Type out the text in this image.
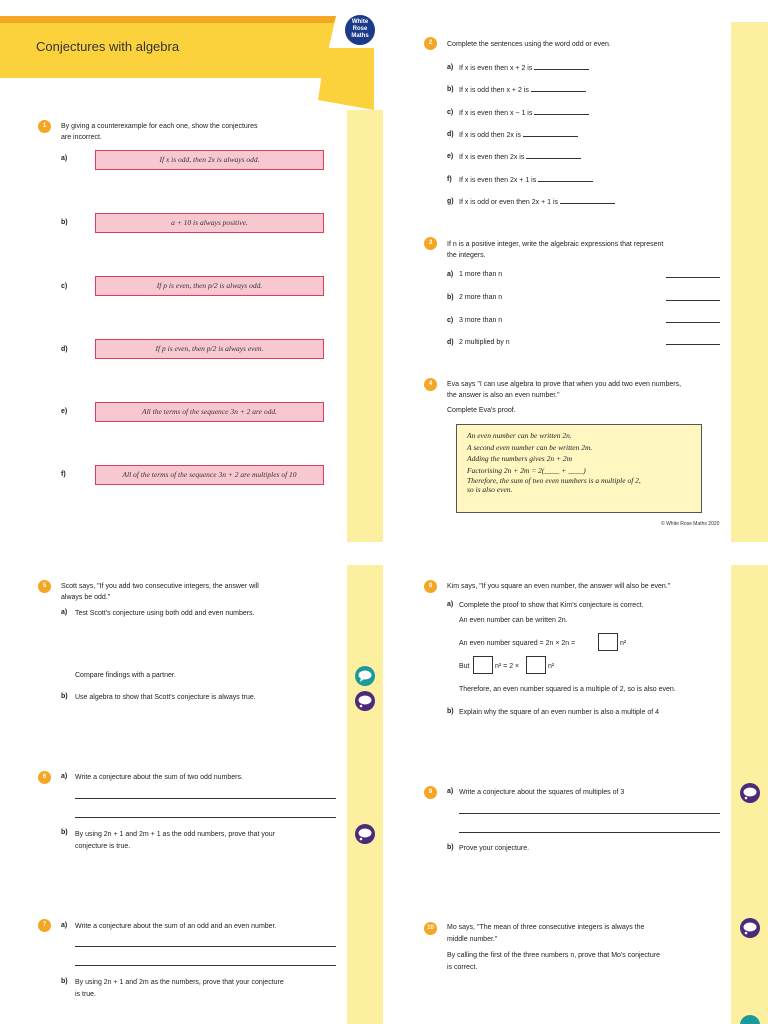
Conjectures with algebra
White
Rose
Maths
1	By giving a counterexample for each one, show the conjectures
are incorrect.
a)	If x is odd, then 2x is always odd.
b)	a + 10 is always positive.
c)	If p is even, then p/2 is always odd.
d)	If p is even, then p/2 is always even.
e)	All the terms of the sequence 3n + 2 are odd.
f)	All of the terms of the sequence 3n + 2 are multiples of 10
2	Complete the sentences using the word odd or even.
a) If x is even then x + 2 is
b) If x is odd then x + 2 is
c) If x is even then x − 1 is
d) If x is odd then 2x is
e) If x is even then 2x is
f) If x is even then 2x + 1 is
g) If x is odd or even then 2x + 1 is
3	If n is a positive integer, write the algebraic expressions that represent
the integers.
a) 1 more than n
b) 2 more than n
c) 3 more than n
d) 2 multiplied by n
4	Eva says "I can use algebra to prove that when you add two even numbers,
the answer is also an even number."
Complete Eva's proof.
An even number can be written 2n.
A second even number can be written 2m.
Adding the numbers gives 2n + 2m
Factorising 2n + 2m = 2(____ + ____)
Therefore, the sum of two even numbers is a multiple of 2,
so is also even.
© White Rose Maths 2020
5	Scott says, "If you add two consecutive integers, the answer will
always be odd."
a) Test Scott's conjecture using both odd and even numbers.
Compare findings with a partner.
b) Use algebra to show that Scott's conjecture is always true.
6	a) Write a conjecture about the sum of two odd numbers.
b) By using 2n + 1 and 2m + 1 as the odd numbers, prove that your
conjecture is true.
7	a) Write a conjecture about the sum of an odd and an even number.
b) By using 2n + 1 and 2m as the numbers, prove that your conjecture
is true.
8	Kim says, "If you square an even number, the answer will also be even."
a) Complete the proof to show that Kim's conjecture is correct.
An even number can be written 2n.
An even number squared = 2n × 2n =	n²
But	n² = 2 ×	n²
Therefore, an even number squared is a multiple of 2, so is also even.
b) Explain why the square of an even number is also a multiple of 4
9	a) Write a conjecture about the squares of multiples of 3
b) Prove your conjecture.
10	Mo says, "The mean of three consecutive integers is always the
middle number."
By calling the first of the three numbers n, prove that Mo's conjecture
is correct.
